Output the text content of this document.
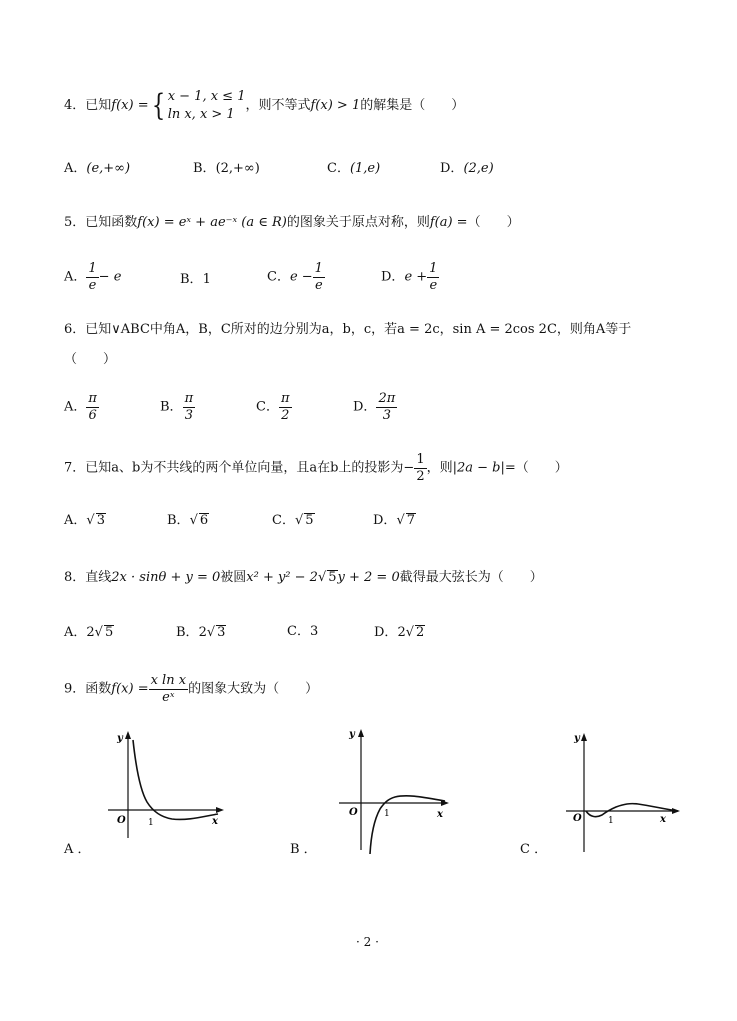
4．已知f(x) ={ x − 1, x ≤ 1
ln x, x > 1
，则不等式f(x) > 1的解集是（　　）
A．(e,+∞)	B．(2,+∞)	C．(1,e)	D．(2,e)
5．已知函数f(x) = eˣ + ae⁻ˣ (a ∈ R)的图象关于原点对称，则f(a) =（　　）
A． $\frac{1}{e} - e$	B．1	C．$e - \frac{1}{e}$	D．$e + \frac{1}{e}$
6．已知∨ABC中角A，B，C所对的边分别为a，b，c，若a = 2c，sin A = 2cos 2C，则角A等于
（　　）
A． $\frac{\pi}{6}$	B． $\frac{\pi}{3}$	C． $\frac{\pi}{2}$	D． $\frac{2\pi}{3}$
7．已知a、b为不共线的两个单位向量，且a在b上的投影为− $\frac{1}{2}$ ，则|2a − b|=（　　）
A．√ 3	B．√ 6	C．√ 5	D．√ 7
8．直线2x · sinθ + y = 0被圆x² + y² − 2√ 5y + 2 = 0截得最大弦长为（　　）
A．2√ 5	B．2√ 3	C．3	D．2√ 2
9．函数$f(x) = \frac{\text{x ln x}}{\text{eˣ}}$ 的图象大致为（　　）
y
x
O 1
A ．
y
x
O	1
B ．
y
x
O	1
C ．
· 2 ·
